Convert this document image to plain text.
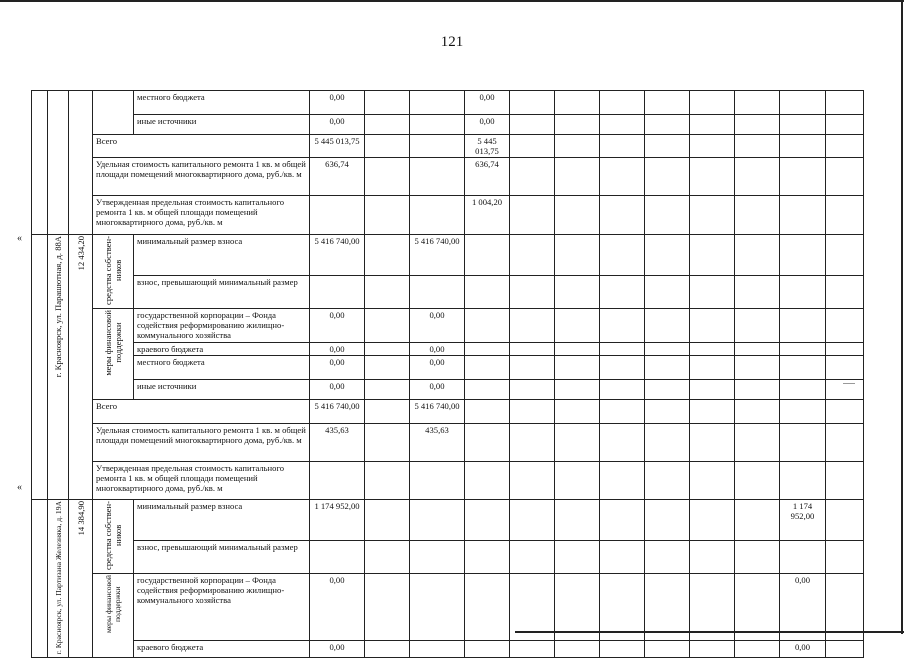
121
«
«
				местного бюджета	0,00			0,00								
				иные источники	0,00			0,00								
			Всего		5 445 013,75			5 445 013,75								
			Удельная стоимость капитального ремонта 1 кв. м общей площади помещений многоквартирного дома, руб./кв. м		636,74			636,74								
			Утвержденная предельная стоимость капитального ремонта 1 кв. м общей площади помещений многоквартирного дома, руб./кв. м					1 004,20								
	г. Красноярск, ул. Парашютная, д. 88А	12 434,20	средства собствен-
ников	минимальный размер взноса	5 416 740,00		5 416 740,00									
				взнос, превышающий минимальный размер												
			меры финансовой
поддержки	государственной корпорации – Фонда содействия реформированию жилищно-коммунального хозяйства	0,00		0,00									
				краевого бюджета	0,00		0,00									
				местного бюджета	0,00		0,00									
				иные источники	0,00		0,00									
			Всего		5 416 740,00		5 416 740,00									
			Удельная стоимость капитального ремонта 1 кв. м общей площади помещений многоквартирного дома, руб./кв. м		435,63		435,63									
			Утвержденная предельная стоимость капитального ремонта 1 кв. м общей площади помещений многоквартирного дома, руб./кв. м													
	г. Красноярск, ул. Партизана Железняка, д. 19А	14 384,90	средства собствен-
ников	минимальный размер взноса	1 174 952,00										1 174 952,00	
				взнос, превышающий минимальный размер												
			меры финансовой
поддержки	государственной корпорации – Фонда содействия реформированию жилищно-коммунального хозяйства	0,00										0,00	
				краевого бюджета	0,00										0,00	
